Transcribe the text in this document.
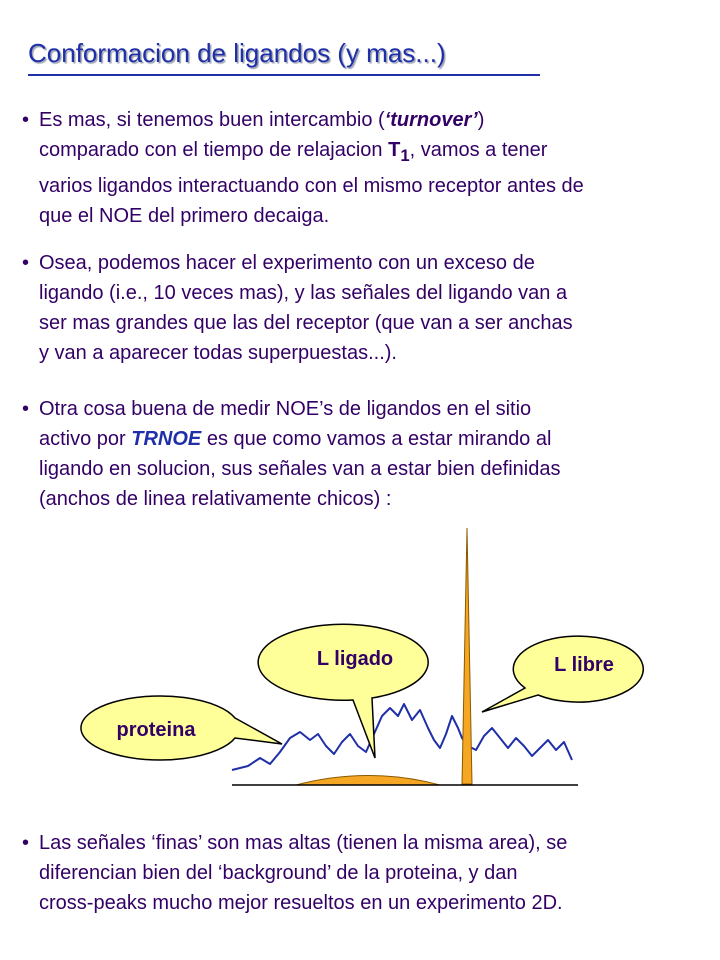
Conformacion de ligandos (y mas...)
• Es mas, si tenemos buen intercambio (‘turnover’)
comparado con el tiempo de relajacion $T_1$, vamos a tener
varios ligandos interactuando con el mismo receptor antes de
que el NOE del primero decaiga.
• Osea, podemos hacer el experimento con un exceso de
ligando (i.e., 10 veces mas), y las señales del ligando van a
ser mas grandes que las del receptor (que van a ser anchas
y van a aparecer todas superpuestas...).
• Otra cosa buena de medir NOE’s de ligandos en el sitio
activo por TRNOE es que como vamos a estar mirando al
ligando en solucion, sus señales van a estar bien definidas
(anchos de linea relativamente chicos) :
L ligado	L libre
proteina
• Las señales ‘finas’ son mas altas (tienen la misma area), se
diferencian bien del ‘background’ de la proteina, y dan
cross-peaks mucho mejor resueltos en un experimento 2D.
